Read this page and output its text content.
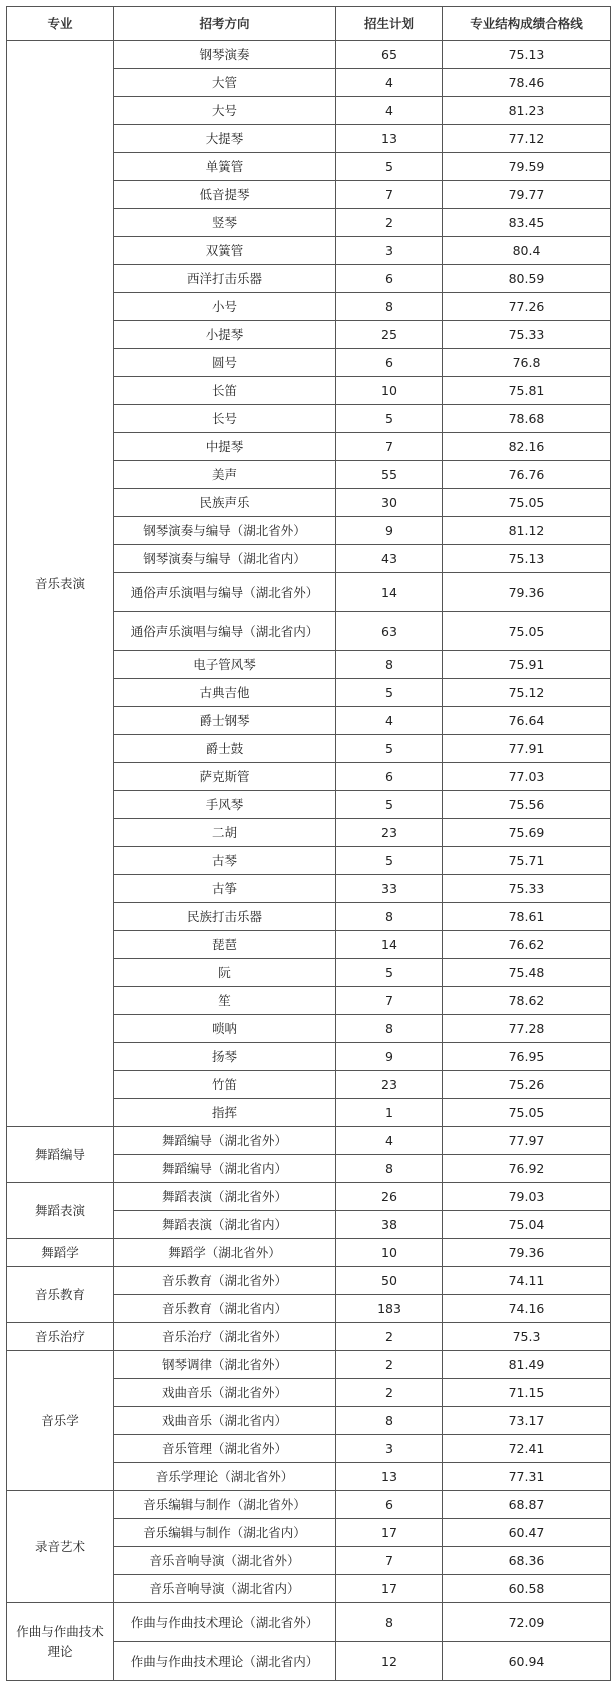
专业	招考方向	招生计划	专业结构成绩合格线
音乐表演	钢琴演奏	65	75.13
	大管	4	78.46
	大号	4	81.23
	大提琴	13	77.12
	单簧管	5	79.59
	低音提琴	7	79.77
	竖琴	2	83.45
	双簧管	3	80.4
	西洋打击乐器	6	80.59
	小号	8	77.26
	小提琴	25	75.33
	圆号	6	76.8
	长笛	10	75.81
	长号	5	78.68
	中提琴	7	82.16
	美声	55	76.76
	民族声乐	30	75.05
	钢琴演奏与编导（湖北省外）	9	81.12
	钢琴演奏与编导（湖北省内）	43	75.13
	通俗声乐演唱与编导（湖北省外）	14	79.36
	通俗声乐演唱与编导（湖北省内）	63	75.05
	电子管风琴	8	75.91
	古典吉他	5	75.12
	爵士钢琴	4	76.64
	爵士鼓	5	77.91
	萨克斯管	6	77.03
	手风琴	5	75.56
	二胡	23	75.69
	古琴	5	75.71
	古筝	33	75.33
	民族打击乐器	8	78.61
	琵琶	14	76.62
	阮	5	75.48
	笙	7	78.62
	唢呐	8	77.28
	扬琴	9	76.95
	竹笛	23	75.26
	指挥	1	75.05
舞蹈编导	舞蹈编导（湖北省外）	4	77.97
	舞蹈编导（湖北省内）	8	76.92
舞蹈表演	舞蹈表演（湖北省外）	26	79.03
	舞蹈表演（湖北省内）	38	75.04
舞蹈学	舞蹈学（湖北省外）	10	79.36
音乐教育	音乐教育（湖北省外）	50	74.11
	音乐教育（湖北省内）	183	74.16
音乐治疗	音乐治疗（湖北省外）	2	75.3
音乐学	钢琴调律（湖北省外）	2	81.49
	戏曲音乐（湖北省外）	2	71.15
	戏曲音乐（湖北省内）	8	73.17
	音乐管理（湖北省外）	3	72.41
	音乐学理论（湖北省外）	13	77.31
录音艺术	音乐编辑与制作（湖北省外）	6	68.87
	音乐编辑与制作（湖北省内）	17	60.47
	音乐音响导演（湖北省外）	7	68.36
	音乐音响导演（湖北省内）	17	60.58
作曲与作曲技术理论	作曲与作曲技术理论（湖北省外）	8	72.09
	作曲与作曲技术理论（湖北省内）	12	60.94
